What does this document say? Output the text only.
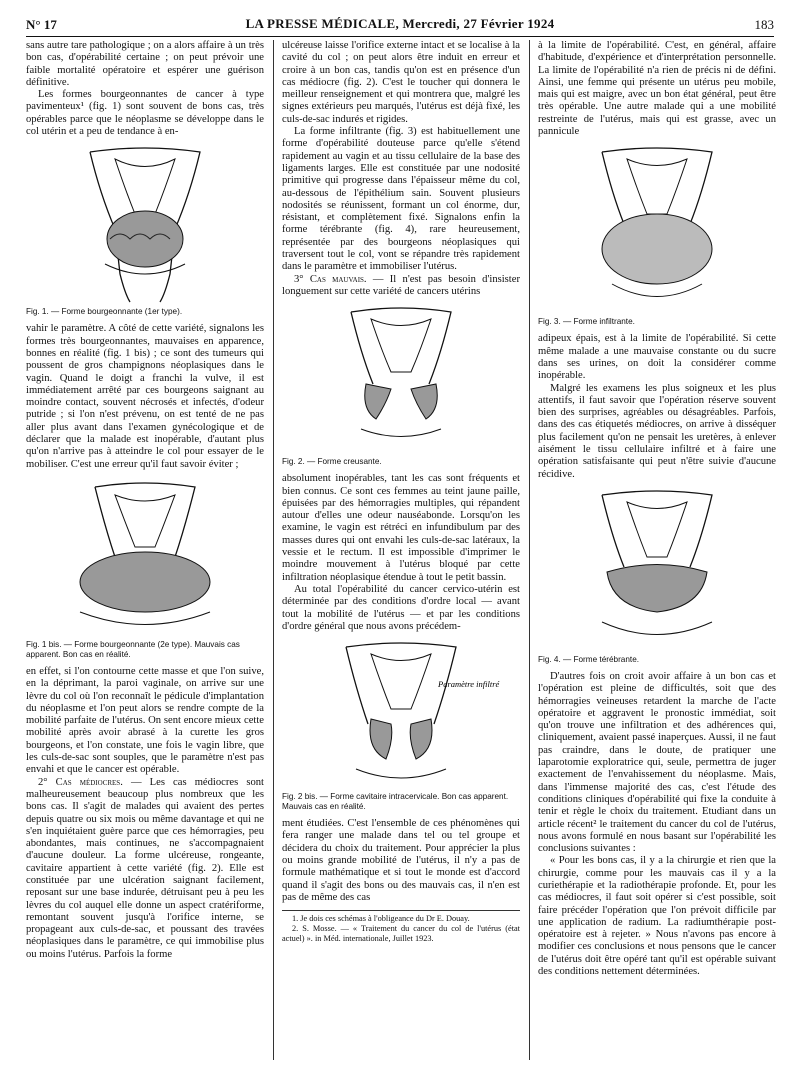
N° 17	LA PRESSE MÉDICALE, Mercredi, 27 Février 1924	183

sans autre tare pathologique ; on a alors affaire à un très bon cas, d'opérabilité certaine ; on peut prévoir une faible mortalité opératoire et espérer une guérison définitive.

Les formes bourgeonnantes de cancer à type pavimenteux¹ (fig. 1) sont souvent de bons cas, très opérables parce que le néoplasme se développe dans le col utérin et a peu de tendance à en-

Fig. 1. — Forme bourgeonnante (1er type).

vahir le paramètre. A côté de cette variété, signalons les formes très bourgeonnantes, mauvaises en apparence, bonnes en réalité (fig. 1 bis) ; ce sont des tumeurs qui poussent de gros champignons néoplasiques dans le vagin. Quand le doigt a franchi la vulve, il est immédiatement arrêté par ces bourgeons saignant au moindre contact, souvent nécrosés et infectés, d'odeur putride ; si l'on n'est prévenu, on est tenté de ne pas aller plus avant dans l'examen gynécologique et de déclarer que la malade est inopérable, d'autant plus qu'on n'arrive pas à atteindre le col pour essayer de le mobiliser. C'est une erreur qu'il faut savoir éviter ;

Fig. 1 bis. — Forme bourgeonnante (2e type). Mauvais cas apparent. Bon cas en réalité.

en effet, si l'on contourne cette masse et que l'on suive, en la déprimant, la paroi vaginale, on arrive sur une lèvre du col où l'on reconnaît le pédicule d'implantation du néoplasme et l'on peut alors se rendre compte de la mobilité parfaite de l'utérus. On sent encore mieux cette mobilité après avoir abrasé à la curette les gros bourgeons, et l'on constate, une fois le vagin libre, que les culs-de-sac sont souples, que le paramètre n'est pas envahi et que le cancer est opérable.

2° Cas médiocres. — Les cas médiocres sont malheureusement beaucoup plus nombreux que les bons cas. Il s'agit de malades qui avaient des pertes depuis quatre ou six mois ou même davantage et qui ne s'en inquiétaient guère parce que ces hémorragies, peu abondantes, mais continues, ne s'accompagnaient d'aucune douleur. La forme ulcéreuse, rongeante, cavitaire appartient à cette variété (fig. 2). Elle est constituée par une ulcération saignant facilement, reposant sur une base indurée, détruisant peu à peu les lèvres du col auquel elle donne un aspect cratériforme, remontant souvent jusqu'à l'orifice interne, se propageant aux culs-de-sac, et poussant des travées néoplasiques dans le paramètre, ce qui immobilise plus ou moins l'utérus. Parfois la forme

ulcéreuse laisse l'orifice externe intact et se localise à la cavité du col ; on peut alors être induit en erreur et croire à un bon cas, tandis qu'on est en présence d'un cas médiocre (fig. 2). C'est le toucher qui donnera le meilleur renseignement et qui montrera que, malgré les signes extérieurs peu marqués, l'utérus est déjà fixé, les culs-de-sac indurés et rigides.

La forme infiltrante (fig. 3) est habituellement une forme d'opérabilité douteuse parce qu'elle s'étend rapidement au vagin et au tissu cellulaire de la base des ligaments larges. Elle est constituée par une nodosité primitive qui progresse dans l'épaisseur même du col, au-dessous de l'épithélium sain. Souvent plusieurs nodosités se réunissent, formant un col énorme, dur, résistant, et complètement fixé. Signalons enfin la forme térébrante (fig. 4), rare heureusement, représentée par des bourgeons néoplasiques qui traversent tout le col, vont se répandre très rapidement dans le paramètre et immobiliser l'utérus.

3° Cas mauvais. — Il n'est pas besoin d'insister longuement sur cette variété de cancers utérins

Fig. 2. — Forme creusante.

absolument inopérables, tant les cas sont fréquents et bien connus. Ce sont ces femmes au teint jaune paille, épuisées par des hémorragies multiples, qui répandent autour d'elles une odeur nauséabonde. Lorsqu'on les examine, le vagin est rétréci en infundibulum par des masses dures qui ont envahi les culs-de-sac latéraux, la vessie et le rectum. Il est impossible d'imprimer le moindre mouvement à l'utérus bloqué par cette infiltration néoplasique étendue à tout le petit bassin.

Au total l'opérabilité du cancer cervico-utérin est déterminée par des conditions d'ordre local — avant tout la mobilité de l'utérus — et par les conditions d'ordre général que nous avons précédem-

Paramètre infiltré
Fig. 2 bis. — Forme cavitaire intracervicale. Bon cas apparent. Mauvais cas en réalité.

ment étudiées. C'est l'ensemble de ces phénomènes qui fera ranger une malade dans tel ou tel groupe et décidera du choix du traitement. Pour apprécier la plus ou moins grande mobilité de l'utérus, il n'y a pas de formule mathématique et si tout le monde est d'accord quand il s'agit des bons ou des mauvais cas, il n'en est pas de même des cas

1. Je dois ces schémas à l'obligeance du Dr E. Douay.
2. S. Mosse. — « Traitement du cancer du col de l'utérus (état actuel) ». in Méd. internationale, Juillet 1923.

à la limite de l'opérabilité. C'est, en général, affaire d'habitude, d'expérience et d'interprétation personnelle. La limite de l'opérabilité n'a rien de précis ni de défini. Ainsi, une femme qui présente un utérus peu mobile, mais qui est maigre, avec un bon état général, peut être très opérable. Une autre malade qui a une mobilité restreinte de l'utérus, mais qui est grasse, avec un pannicule

Fig. 3. — Forme infiltrante.

adipeux épais, est à la limite de l'opérabilité. Si cette même malade a une mauvaise constante ou du sucre dans ses urines, on doit la considérer comme inopérable.

Malgré les examens les plus soigneux et les plus attentifs, il faut savoir que l'opération réserve souvent bien des surprises, agréables ou désagréables. Parfois, dans des cas étiquetés médiocres, on arrive à disséquer plus facilement qu'on ne pensait les uretères, à enlever aisément le tissu cellulaire infiltré et à faire une opération satisfaisante qui peut n'être suivie d'aucune récidive.

Fig. 4. — Forme térébrante.

D'autres fois on croit avoir affaire à un bon cas et l'opération est pleine de difficultés, soit que des hémorragies veineuses retardent la marche de l'acte opératoire et aggravent le pronostic immédiat, soit qu'on trouve une infiltration et des adhérences qui, cliniquement, avaient passé inaperçues. Aussi, il ne faut pas craindre, dans le doute, de pratiquer une laparotomie exploratrice qui, seule, permettra de juger exactement de l'envahissement du néoplasme. Mais, dans l'immense majorité des cas, c'est l'étude des conditions cliniques d'opérabilité qui fixe la conduite à tenir et règle le choix du traitement. Etudiant dans un article récent² le traitement du cancer du col de l'utérus, nous avons formulé en nous basant sur l'opérabilité les conclusions suivantes :

« Pour les bons cas, il y a la chirurgie et rien que la chirurgie, comme pour les mauvais cas il y a la curiethérapie et la radiothérapie profonde. Et, pour les cas médiocres, il faut soit opérer si c'est possible, soit faire précéder l'opération que l'on prévoit difficile par une application de radium. La radiumthérapie post-opératoire est à rejeter. » Nous n'avons pas encore à modifier ces conclusions et nous pensons que le cancer de l'utérus doit être opéré tant qu'il est opérable suivant des conditions nettement déterminées.
